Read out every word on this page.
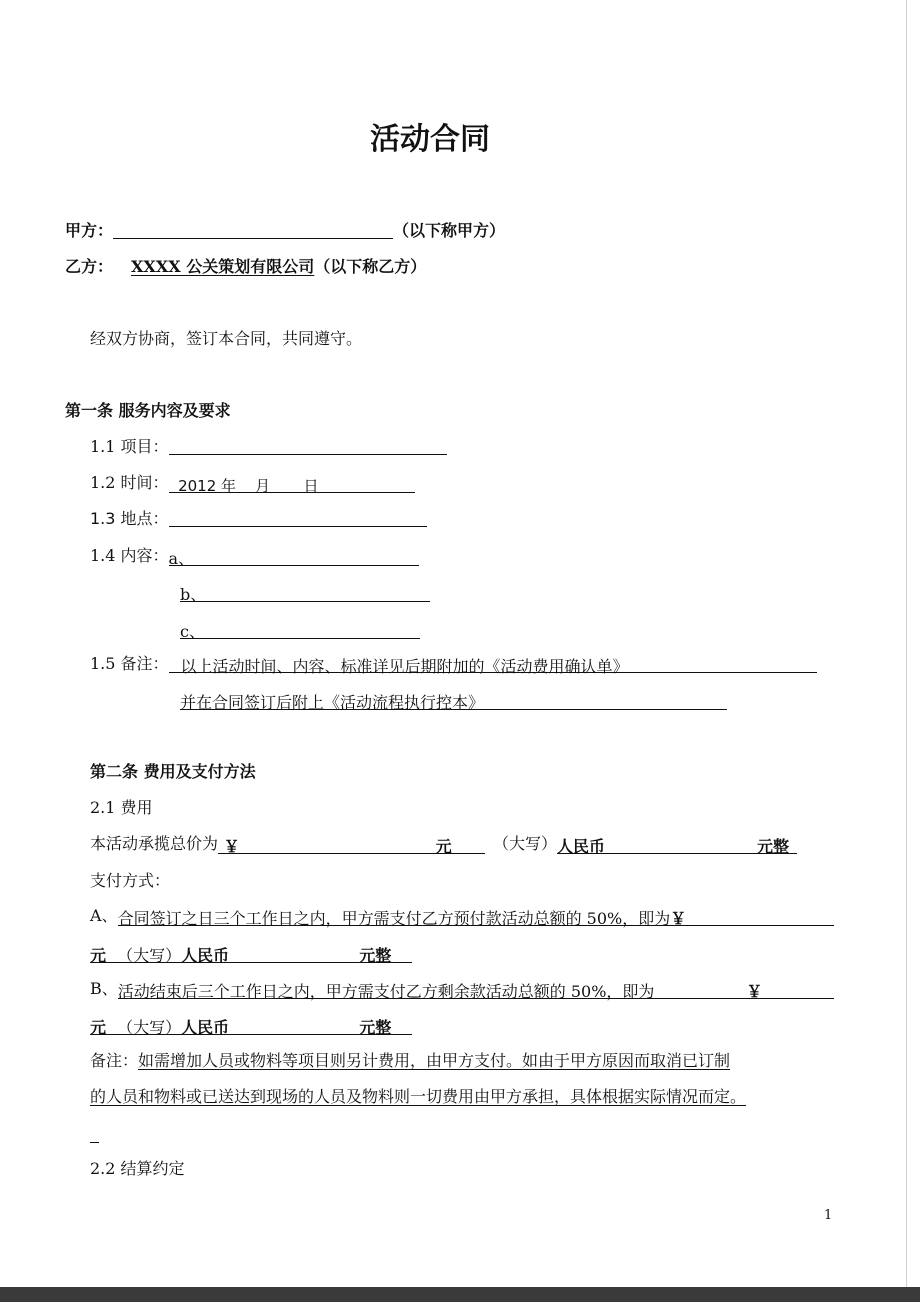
活动合同
甲方：	（以下称甲方）
乙方： XXXX 公关策划有限公司（以下称乙方）
经双方协商，签订本合同，共同遵守。
第一条 服务内容及要求
1.1 项目：
1.2 时间： 2012 年 月 日
1.3 地点：
1.4 内容：a、
b、
c、
1.5 备注： 以上活动时间、内容、标准详见后期附加的《活动费用确认单》
并在合同签订后附上《活动流程执行控本》
第二条 费用及支付方法
2.1 费用
本活动承揽总价为 ￥	元	（大写）人民币	元整
支付方式：
A、合同签订之日三个工作日之内，甲方需支付乙方预付款活动总额的 50%，即为￥
元 （大写）人民币	元整
B、活动结束后三个工作日之内，甲方需支付乙方剩余款活动总额的 50%，即为	￥
元 （大写）人民币	元整
备注：如需增加人员或物料等项目则另计费用，由甲方支付。如由于甲方原因而取消已订制
的人员和物料或已送达到现场的人员及物料则一切费用由甲方承担，具体根据实际情况而定。
2.2 结算约定
1
